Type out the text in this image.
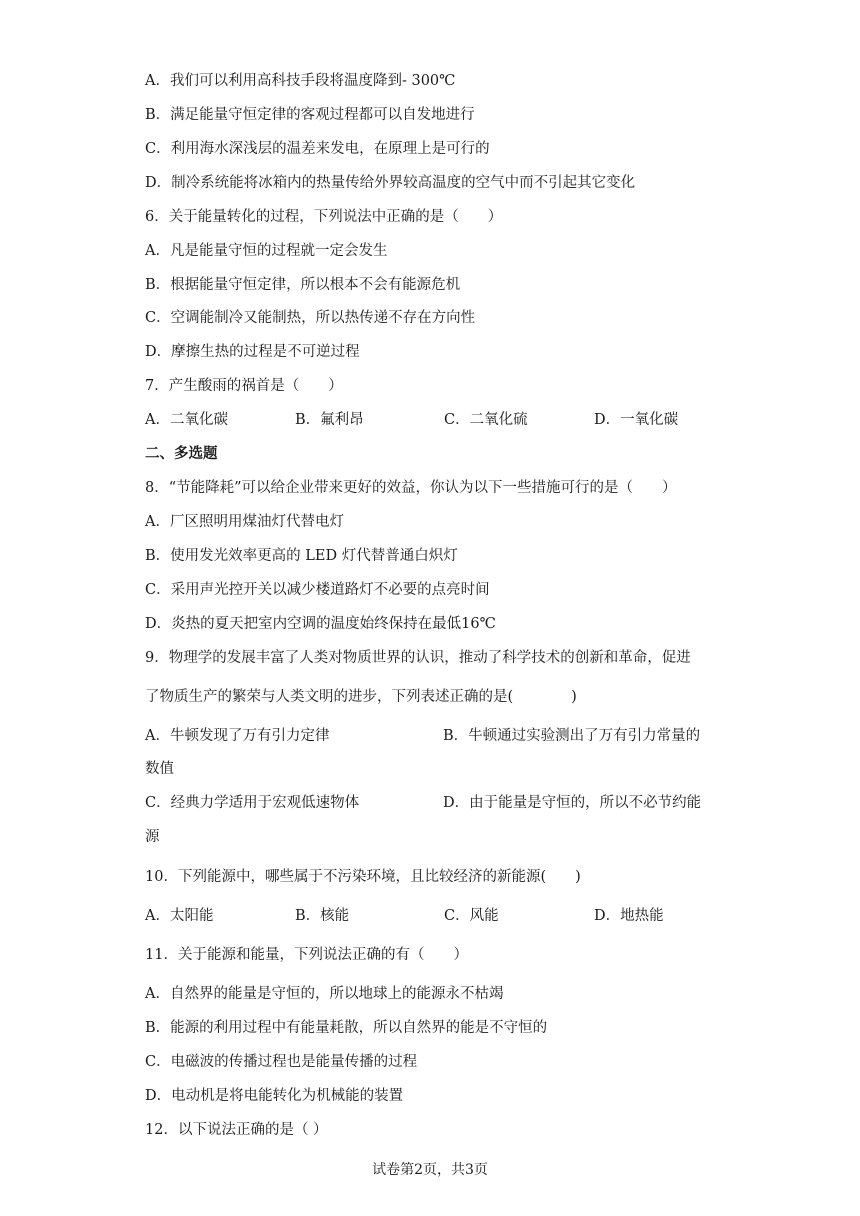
A．我们可以利用高科技手段将温度降到- 300℃
B．满足能量守恒定律的客观过程都可以自发地进行
C．利用海水深浅层的温差来发电，在原理上是可行的
D．制冷系统能将冰箱内的热量传给外界较高温度的空气中而不引起其它变化
6．关于能量转化的过程，下列说法中正确的是（　　）
A．凡是能量守恒的过程就一定会发生
B．根据能量守恒定律，所以根本不会有能源危机
C．空调能制冷又能制热，所以热传递不存在方向性
D．摩擦生热的过程是不可逆过程
7．产生酸雨的祸首是（　　）
A．二氧化碳	B．氟利昂	C．二氧化硫	D．一氧化碳
二、多选题
8．“节能降耗”可以给企业带来更好的效益，你认为以下一些措施可行的是（　　）
A．厂区照明用煤油灯代替电灯
B．使用发光效率更高的 LED 灯代替普通白炽灯
C．采用声光控开关以减少楼道路灯不必要的点亮时间
D．炎热的夏天把室内空调的温度始终保持在最低16℃
9．物理学的发展丰富了人类对物质世界的认识，推动了科学技术的创新和革命，促进
了物质生产的繁荣与人类文明的进步，下列表述正确的是(　　　　)
A．牛顿发现了万有引力定律	B．牛顿通过实验测出了万有引力常量的
数值
C．经典力学适用于宏观低速物体	D．由于能量是守恒的，所以不必节约能
源
10．下列能源中，哪些属于不污染环境，且比较经济的新能源(　　)
A．太阳能	B．核能	C．风能	D．地热能
11．关于能源和能量，下列说法正确的有（　　）
A．自然界的能量是守恒的，所以地球上的能源永不枯竭
B．能源的利用过程中有能量耗散，所以自然界的能是不守恒的
C．电磁波的传播过程也是能量传播的过程
D．电动机是将电能转化为机械能的装置
12．以下说法正确的是（ ）
试卷第2页，共3页
